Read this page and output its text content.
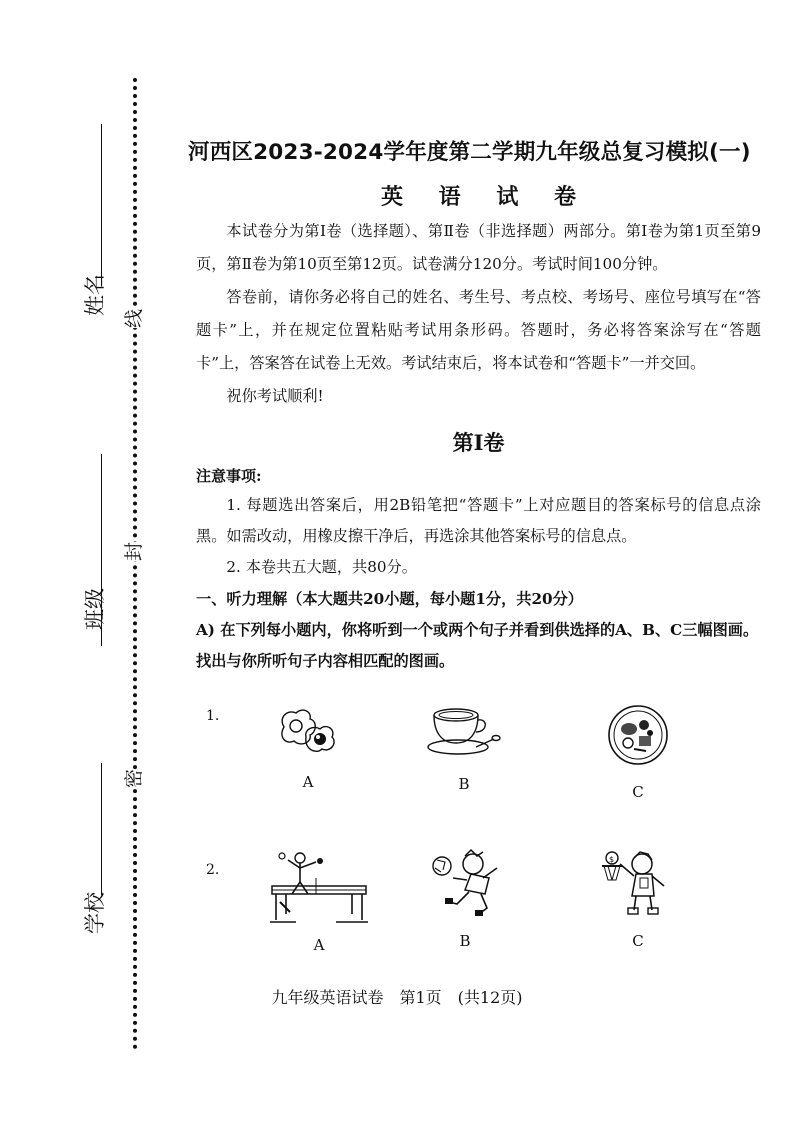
姓名
班级
学校
线
封
密
河西区2023-2024学年度第二学期九年级总复习模拟(一)
英 语 试 卷

本试卷分为第Ⅰ卷（选择题）、第Ⅱ卷（非选择题）两部分。第Ⅰ卷为第1页至第9页，第Ⅱ卷为第10页至第12页。试卷满分120分。考试时间100分钟。

答卷前，请你务必将自己的姓名、考生号、考点校、考场号、座位号填写在“答题卡”上，并在规定位置粘贴考试用条形码。答题时，务必将答案涂写在“答题卡”上，答案答在试卷上无效。考试结束后，将本试卷和“答题卡”一并交回。

祝你考试顺利!

第Ⅰ卷
注意事项:

1. 每题选出答案后，用2B铅笔把“答题卡”上对应题目的答案标号的信息点涂黑。如需改动，用橡皮擦干净后，再选涂其他答案标号的信息点。

2. 本卷共五大题，共80分。

一、听力理解（本大题共20小题，每小题1分，共20分）

A) 在下列每小题内，你将听到一个或两个句子并看到供选择的A、B、C三幅图画。找出与你所听句子内容相匹配的图画。

1.
A	B	C
2.
A	B
$
C
九年级英语试卷　第1页　(共12页)
